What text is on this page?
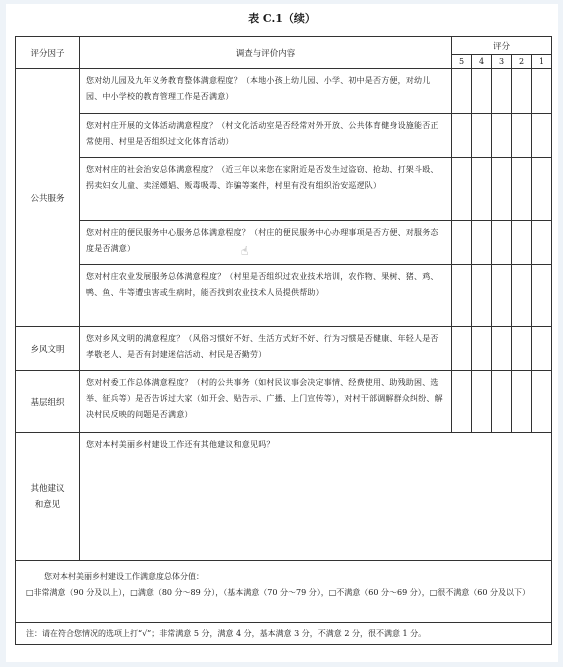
表 C.1（续）
评分因子	调查与评价内容	评分				
		5	4	3	2	1
公共服务	您对幼儿园及九年义务教育整体满意程度？（本地小孩上幼儿园、小学、初中是否方便，对幼儿园、中小学校的教育管理工作是否满意）					
	您对村庄开展的文体活动满意程度？（村文化活动室是否经常对外开放、公共体育健身设施能否正常使用、村里是否组织过文化体育活动）					
	您对村庄的社会治安总体满意程度？（近三年以来您在家附近是否发生过盗窃、抢劫、打架斗殴、拐卖妇女儿童、卖淫嫖娼、贩毒吸毒、诈骗等案件，村里有没有组织治安巡逻队）					
	您对村庄的便民服务中心服务总体满意程度？（村庄的便民服务中心办理事项是否方便、对服务态度是否满意）					
	您对村庄农业发展服务总体满意程度？（村里是否组织过农业技术培训，农作物、果树、猪、鸡、鸭、鱼、牛等遭虫害或生病时，能否找到农业技术人员提供帮助）					
乡风文明	您对乡风文明的满意程度？（风俗习惯好不好、生活方式好不好、行为习惯是否健康、年轻人是否孝敬老人、是否有封建迷信活动、村民是否勤劳）					
基层组织	您对村委工作总体满意程度？（村的公共事务（如村民议事会决定事情、经费使用、助残助困、选举、征兵等）是否告诉过大家（如开会、贴告示、广播、上门宣传等），对村干部调解群众纠纷、解决村民反映的问题是否满意）					
其他建议和意见	您对本村美丽乡村建设工作还有其他建议和意见吗？					

您对本村美丽乡村建设工作满意度总体分值：
□非常满意（90 分及以上），□满意（80 分～89 分），（基本满意（70 分～79 分），□不满意（60 分～69 分），□很不满意（60 分及以下）						

注：请在符合您情况的选项上打“√”；非常满意 5 分，满意 4 分，基本满意 3 分，不满意 2 分，很不满意 1 分。						
☝
